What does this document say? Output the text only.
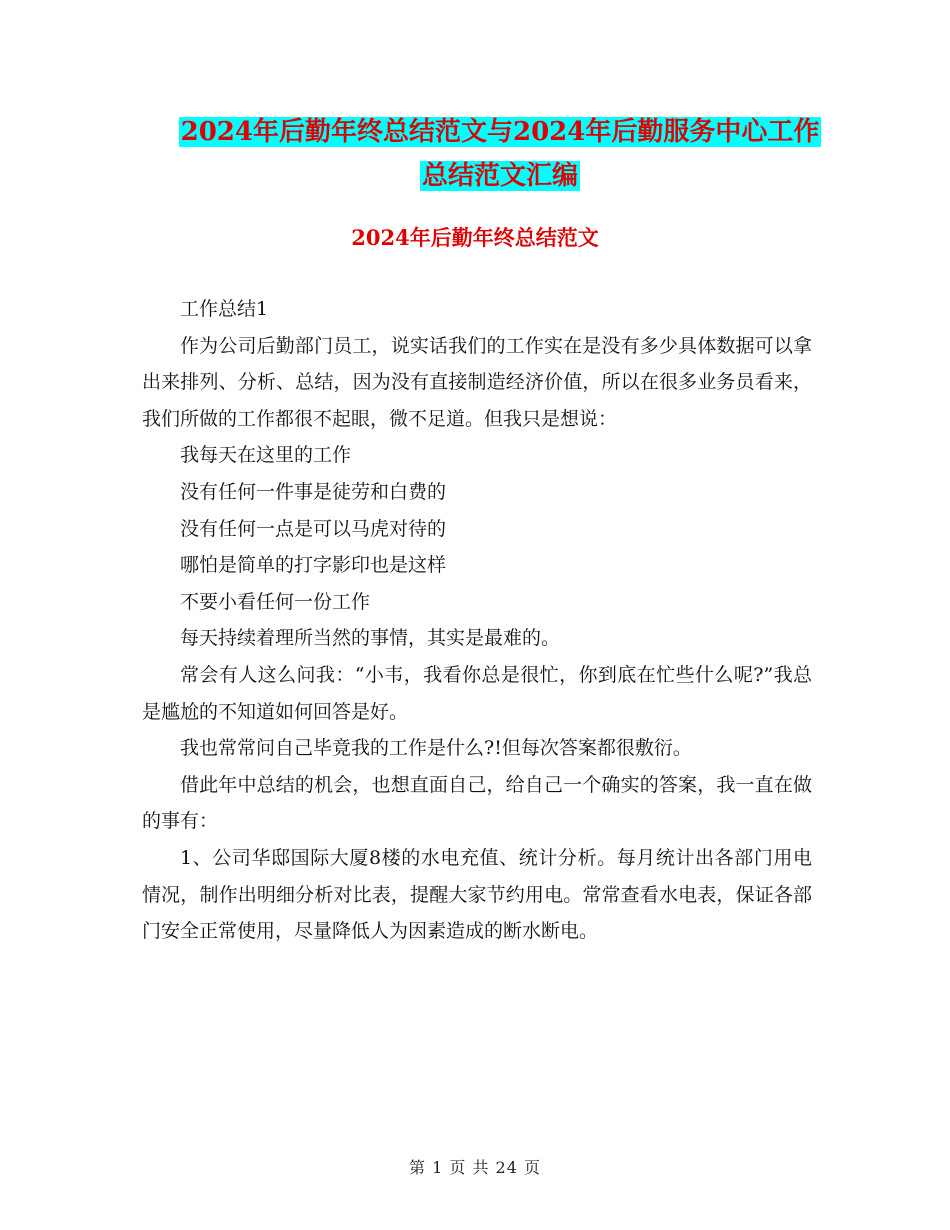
2024年后勤年终总结范文与2024年后勤服务中心工作
总结范文汇编
2024年后勤年终总结范文

工作总结1

作为公司后勤部门员工，说实话我们的工作实在是没有多少具体数据可以拿出来排列、分析、总结，因为没有直接制造经济价值，所以在很多业务员看来，我们所做的工作都很不起眼，微不足道。但我只是想说：

我每天在这里的工作

没有任何一件事是徒劳和白费的

没有任何一点是可以马虎对待的

哪怕是简单的打字影印也是这样

不要小看任何一份工作

每天持续着理所当然的事情，其实是最难的。

常会有人这么问我：“小韦，我看你总是很忙，你到底在忙些什么呢?”我总是尴尬的不知道如何回答是好。

我也常常问自己毕竟我的工作是什么?!但每次答案都很敷衍。

借此年中总结的机会，也想直面自己，给自己一个确实的答案，我一直在做的事有：

1、公司华邸国际大厦8楼的水电充值、统计分析。每月统计出各部门用电情况，制作出明细分析对比表，提醒大家节约用电。常常查看水电表，保证各部门安全正常使用，尽量降低人为因素造成的断水断电。

第 1 页 共 24 页
